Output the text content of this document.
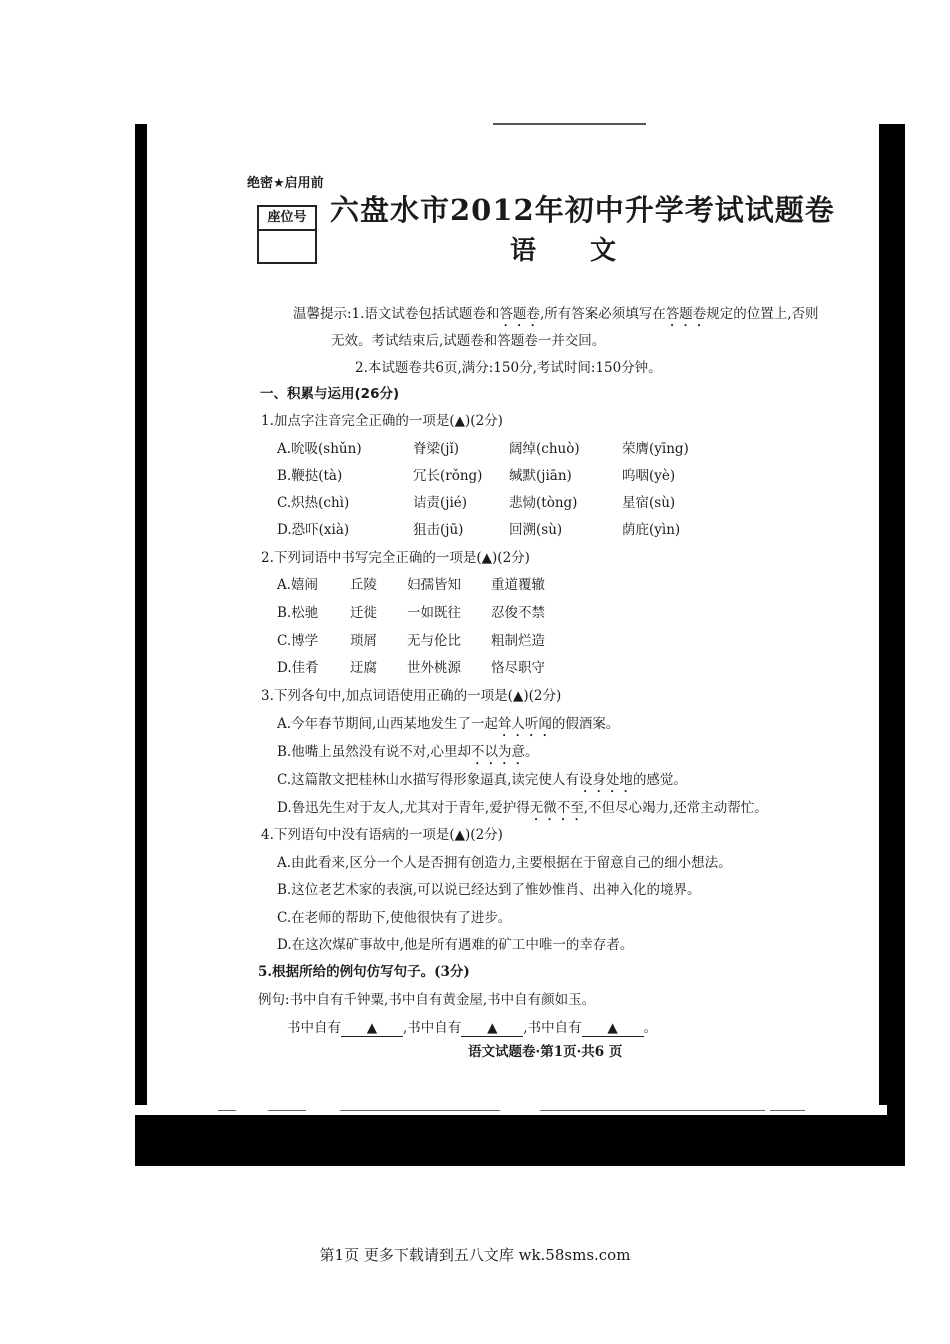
绝密★启用前
座位号 六盘水市2012年初中升学考试试题卷
语文
温馨提示:1.语文试卷包括试题卷和答题卷,所有答案必须填写在答题卷规定的位置上,否则
无效。考试结束后,试题卷和答题卷一并交回。
2.本试题卷共6页,满分:150分,考试时间:150分钟。
一、积累与运用(26分)
1.加点字注音完全正确的一项是(▲)(2分)
A.吮吸(shǔn)	脊梁(jǐ)	阔绰(chuò)	荣膺(yīng)
B.鞭挞(tà)	冗长(rǒng) 缄默(jiān)	呜咽(yè)
C.炽热(chì)	诘责(jié)	悲恸(tòng)	星宿(sù)
D.恐吓(xià)	狙击(jū)	回溯(sù)	荫庇(yìn)
2.下列词语中书写完全正确的一项是(▲)(2分)
A.嬉闹 丘陵 妇孺皆知 重道覆辙
B.松驰 迁徙 一如既往 忍俊不禁
C.博学 琐屑 无与伦比 粗制烂造
D.佳肴 迂腐 世外桃源 恪尽职守
3.下列各句中,加点词语使用正确的一项是(▲)(2分)
A.今年春节期间,山西某地发生了一起耸人听闻的假酒案。
B.他嘴上虽然没有说不对,心里却不以为意。
C.这篇散文把桂林山水描写得形象逼真,读完使人有设身处地的感觉。
D.鲁迅先生对于友人,尤其对于青年,爱护得无微不至,不但尽心竭力,还常主动帮忙。
4.下列语句中没有语病的一项是(▲)(2分)
A.由此看来,区分一个人是否拥有创造力,主要根据在于留意自己的细小想法。
B.这位老艺术家的表演,可以说已经达到了惟妙惟肖、出神入化的境界。
C.在老师的帮助下,使他很快有了进步。
D.在这次煤矿事故中,他是所有遇难的矿工中唯一的幸存者。
5.根据所给的例句仿写句子。(3分)
例句:书中自有千钟粟,书中自有黄金屋,书中自有颜如玉。
书中自有 ▲ ,书中自有 ▲ ,书中自有 ▲ 。
语文试题卷·第1页·共6 页
第1页 更多下载请到五八文库 wk.58sms.com
